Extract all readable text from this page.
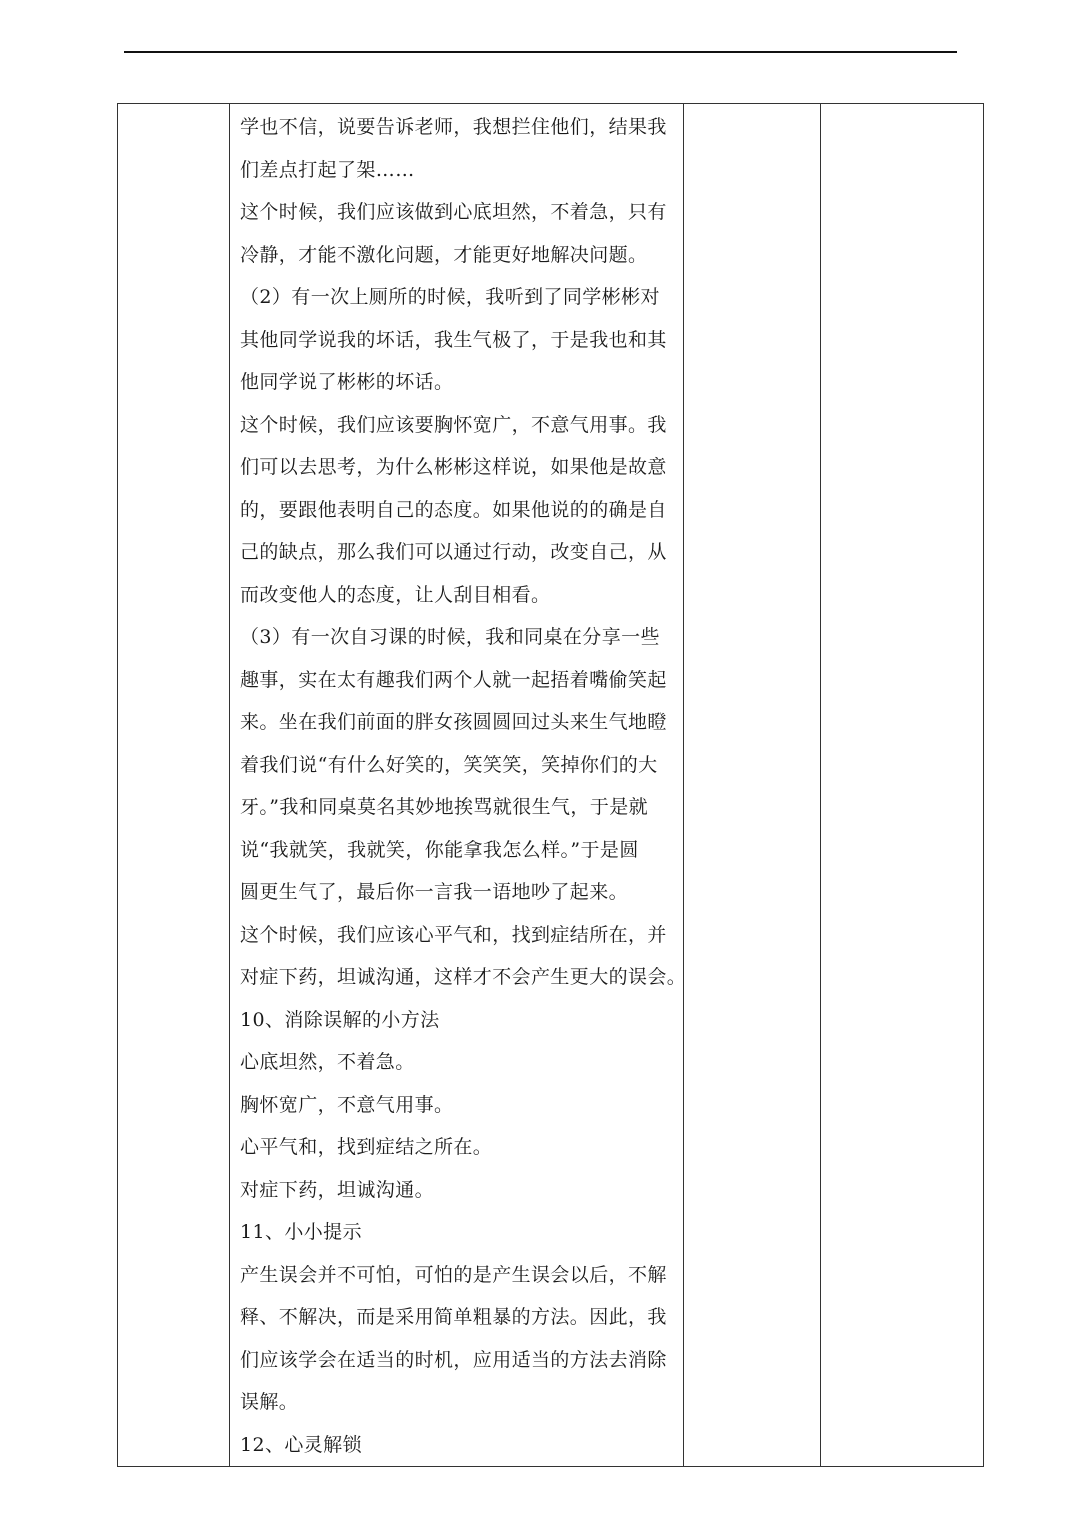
学也不信，说要告诉老师，我想拦住他们，结果我

们差点打起了架……

这个时候，我们应该做到心底坦然，不着急，只有

冷静，才能不激化问题，才能更好地解决问题。

（2）有一次上厕所的时候，我听到了同学彬彬对

其他同学说我的坏话，我生气极了，于是我也和其

他同学说了彬彬的坏话。

这个时候，我们应该要胸怀宽广，不意气用事。我

们可以去思考，为什么彬彬这样说，如果他是故意

的，要跟他表明自己的态度。如果他说的的确是自

己的缺点，那么我们可以通过行动，改变自己，从

而改变他人的态度，让人刮目相看。

（3）有一次自习课的时候，我和同桌在分享一些

趣事，实在太有趣我们两个人就一起捂着嘴偷笑起

来。坐在我们前面的胖女孩圆圆回过头来生气地瞪

着我们说“有什么好笑的，笑笑笑，笑掉你们的大

牙。”我和同桌莫名其妙地挨骂就很生气，于是就

说“我就笑，我就笑，你能拿我怎么样。”于是圆

圆更生气了，最后你一言我一语地吵了起来。

这个时候，我们应该心平气和，找到症结所在，并

对症下药，坦诚沟通，这样才不会产生更大的误会。

10、消除误解的小方法

心底坦然，不着急。

胸怀宽广，不意气用事。

心平气和，找到症结之所在。

对症下药，坦诚沟通。

11、小小提示

产生误会并不可怕，可怕的是产生误会以后，不解

释、不解决，而是采用简单粗暴的方法。因此，我

们应该学会在适当的时机，应用适当的方法去消除

误解。

12、心灵解锁
